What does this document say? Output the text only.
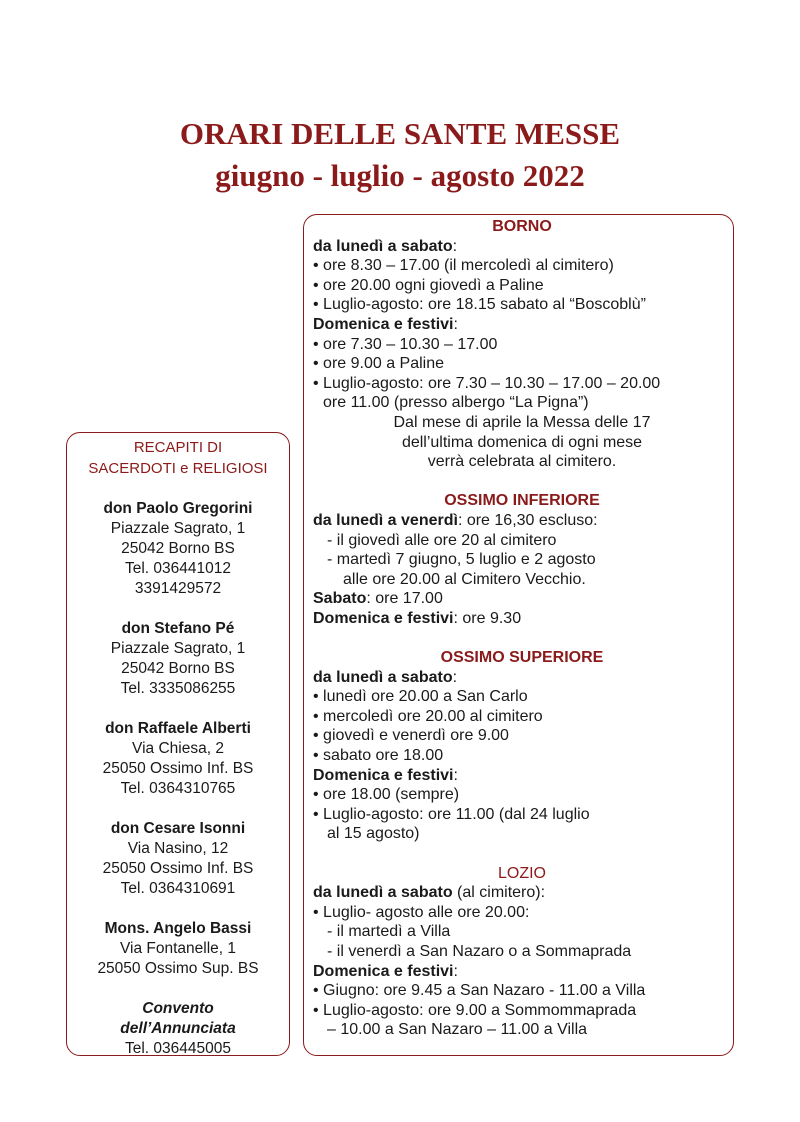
ORARI DELLE SANTE MESSE
giugno - luglio - agosto 2022
RECAPITI DI
SACERDOTI e RELIGIOSI
don Paolo Gregorini
Piazzale Sagrato, 1
25042 Borno BS
Tel. 036441012
3391429572
don Stefano Pé
Piazzale Sagrato, 1
25042 Borno BS
Tel. 3335086255
don Raffaele Alberti
Via Chiesa, 2
25050 Ossimo Inf. BS
Tel. 0364310765
don Cesare Isonni
Via Nasino, 12
25050 Ossimo Inf. BS
Tel. 0364310691
Mons. Angelo Bassi
Via Fontanelle, 1
25050 Ossimo Sup. BS
Convento
dell’Annunciata
Tel. 036445005
BORNO
da lunedì a sabato:
• ore 8.30 – 17.00 (il mercoledì al cimitero)
• ore 20.00 ogni giovedì a Paline
• Luglio-agosto: ore 18.15 sabato al “Boscoblù”
Domenica e festivi:
• ore 7.30 – 10.30 – 17.00
• ore 9.00 a Paline
• Luglio-agosto: ore 7.30 – 10.30 – 17.00 – 20.00
ore 11.00 (presso albergo “La Pigna”)
Dal mese di aprile la Messa delle 17
dell’ultima domenica di ogni mese
verrà celebrata al cimitero.
OSSIMO INFERIORE
da lunedì a venerdì: ore 16,30 escluso:
- il giovedì alle ore 20 al cimitero
- martedì 7 giugno, 5 luglio e 2 agosto
alle ore 20.00 al Cimitero Vecchio.
Sabato: ore 17.00
Domenica e festivi: ore 9.30
OSSIMO SUPERIORE
da lunedì a sabato:
• lunedì ore 20.00 a San Carlo
• mercoledì ore 20.00 al cimitero
• giovedì e venerdì ore 9.00
• sabato ore 18.00
Domenica e festivi:
• ore 18.00 (sempre)
• Luglio-agosto: ore 11.00 (dal 24 luglio
al 15 agosto)
LOZIO
da lunedì a sabato (al cimitero):
• Luglio- agosto alle ore 20.00:
- il martedì a Villa
- il venerdì a San Nazaro o a Sommaprada
Domenica e festivi:
• Giugno: ore 9.45 a San Nazaro - 11.00 a Villa
• Luglio-agosto: ore 9.00 a Sommommaprada
– 10.00 a San Nazaro – 11.00 a Villa
